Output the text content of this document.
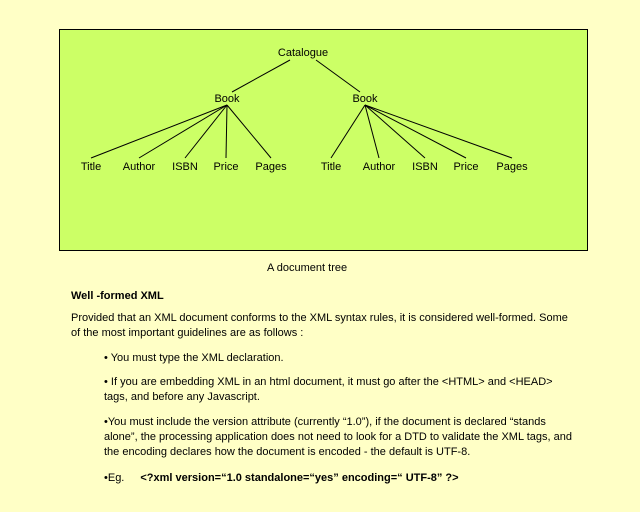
Catalogue
Book	Book
Title Author ISBN Price Pages	Title Author ISBN Price Pages
A document tree
Well -formed XML
Provided that an XML document conforms to the XML syntax rules, it is considered well-formed. Some of the most important guidelines are as follows :
• You must type the XML declaration.
• If you are embedding XML in an html document, it must go after the <HTML> and <HEAD> tags, and before any Javascript.
•You must include the version attribute (currently “1.0”), if the document is declared “stands alone”, the processing application does not need to look for a DTD to validate the XML tags, and the encoding declares how the document is encoded - the default is UTF-8.
•Eg. <?xml version=“1.0 standalone=“yes” encoding=“ UTF-8” ?>
